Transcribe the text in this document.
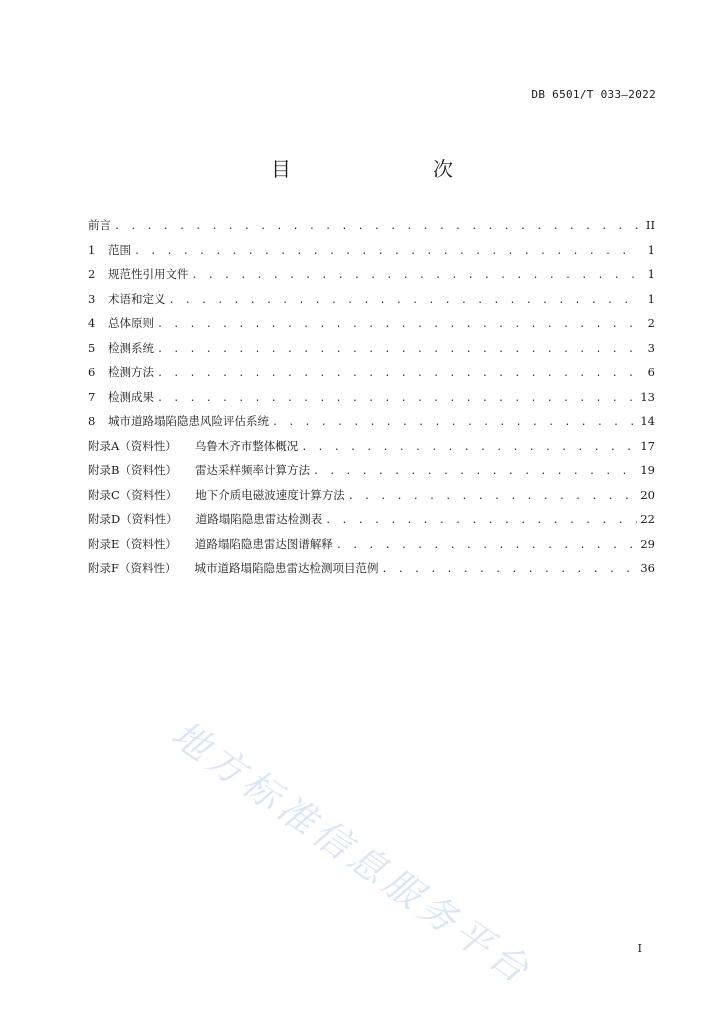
DB 6501/T 033—2022
目　　次
前言 . . .	II
1	范围 . . .	1
2	规范性引用文件 . . .	1
3	术语和定义 . . .	1
4	总体原则 . . .	2
5	检测系统 . . .	3
6	检测方法 . . .	6
7	检测成果 . . .	13
8	城市道路塌陷隐患风险评估系统 . . .	14
附录A（资料性） 乌鲁木齐市整体概况 . . .	17
附录B（资料性） 雷达采样频率计算方法 . . .	19
附录C（资料性） 地下介质电磁波速度计算方法 . . .	20
附录D（资料性） 道路塌陷隐患雷达检测表 . . .	22
附录E（资料性） 道路塌陷隐患雷达图谱解释 . . .	29
附录F（资料性） 城市道路塌陷隐患雷达检测项目范例 . . .	36
地方标准信息服务平台	I
